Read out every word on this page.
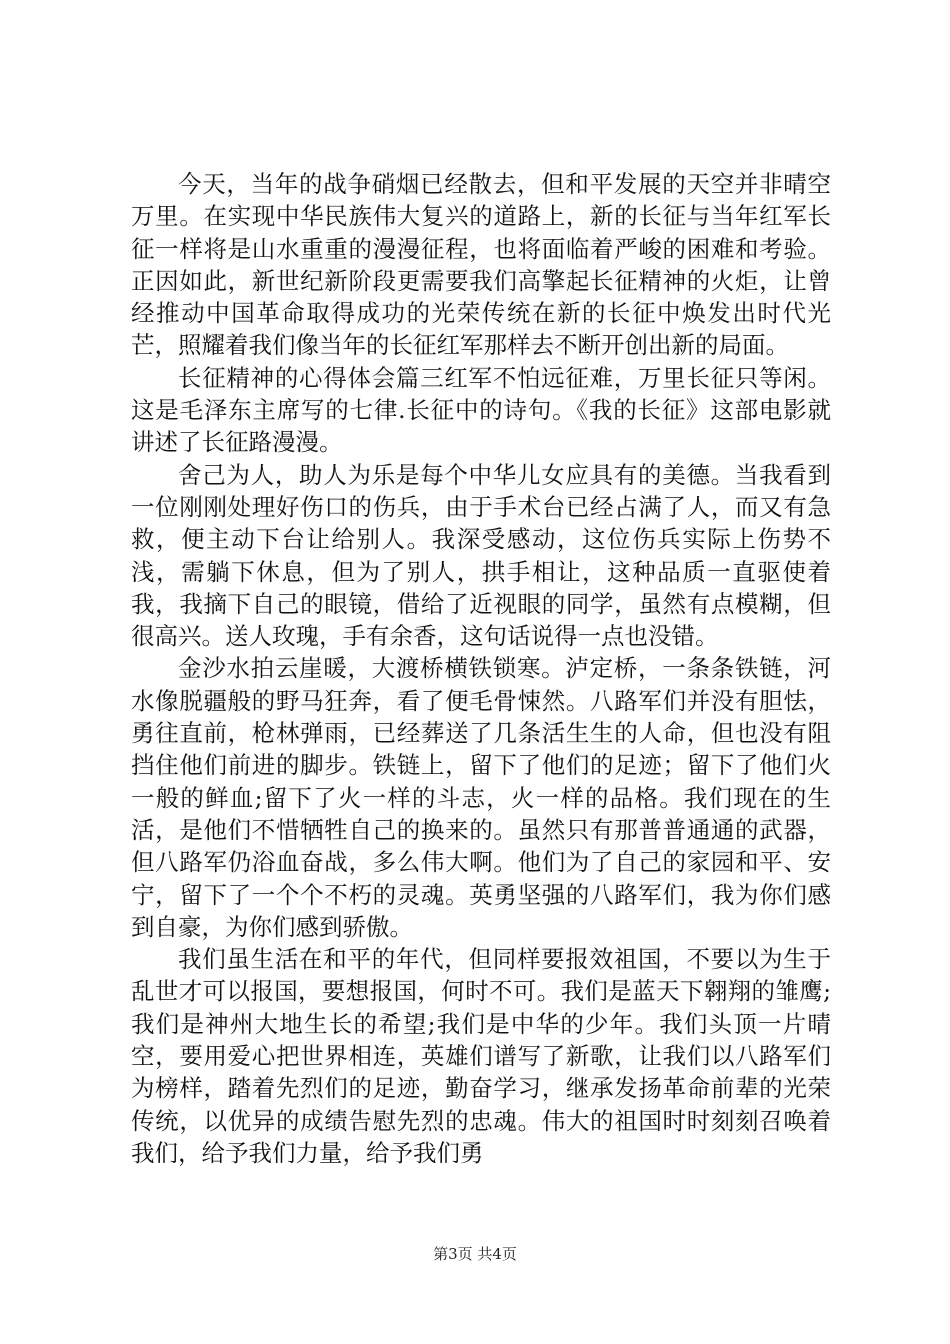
今天，当年的战争硝烟已经散去，但和平发展的天空并非晴空万里。在实现中华民族伟大复兴的道路上，新的长征与当年红军长征一样将是山水重重的漫漫征程，也将面临着严峻的困难和考验。正因如此，新世纪新阶段更需要我们高擎起长征精神的火炬，让曾经推动中国革命取得成功的光荣传统在新的长征中焕发出时代光芒，照耀着我们像当年的长征红军那样去不断开创出新的局面。

长征精神的心得体会篇三红军不怕远征难，万里长征只等闲。这是毛泽东主席写的七律.长征中的诗句。《我的长征》这部电影就讲述了长征路漫漫。

舍己为人，助人为乐是每个中华儿女应具有的美德。当我看到一位刚刚处理好伤口的伤兵，由于手术台已经占满了人，而又有急救，便主动下台让给别人。我深受感动，这位伤兵实际上伤势不浅，需躺下休息，但为了别人，拱手相让，这种品质一直驱使着我，我摘下自己的眼镜，借给了近视眼的同学，虽然有点模糊，但很高兴。送人玫瑰，手有余香，这句话说得一点也没错。

金沙水拍云崖暖，大渡桥横铁锁寒。泸定桥，一条条铁链，河水像脱疆般的野马狂奔，看了便毛骨悚然。八路军们并没有胆怯，勇往直前，枪林弹雨，已经葬送了几条活生生的人命，但也没有阻挡住他们前进的脚步。铁链上，留下了他们的足迹；留下了他们火一般的鲜血;留下了火一样的斗志，火一样的品格。我们现在的生活，是他们不惜牺牲自己的换来的。虽然只有那普普通通的武器，但八路军仍浴血奋战，多么伟大啊。他们为了自己的家园和平、安宁，留下了一个个不朽的灵魂。英勇坚强的八路军们，我为你们感到自豪，为你们感到骄傲。

我们虽生活在和平的年代，但同样要报效祖国，不要以为生于乱世才可以报国，要想报国，何时不可。我们是蓝天下翱翔的雏鹰;我们是神州大地生长的希望;我们是中华的少年。我们头顶一片晴空，要用爱心把世界相连，英雄们谱写了新歌，让我们以八路军们为榜样，踏着先烈们的足迹，勤奋学习，继承发扬革命前辈的光荣传统，以优异的成绩告慰先烈的忠魂。伟大的祖国时时刻刻召唤着我们，给予我们力量，给予我们勇

第3页 共4页
